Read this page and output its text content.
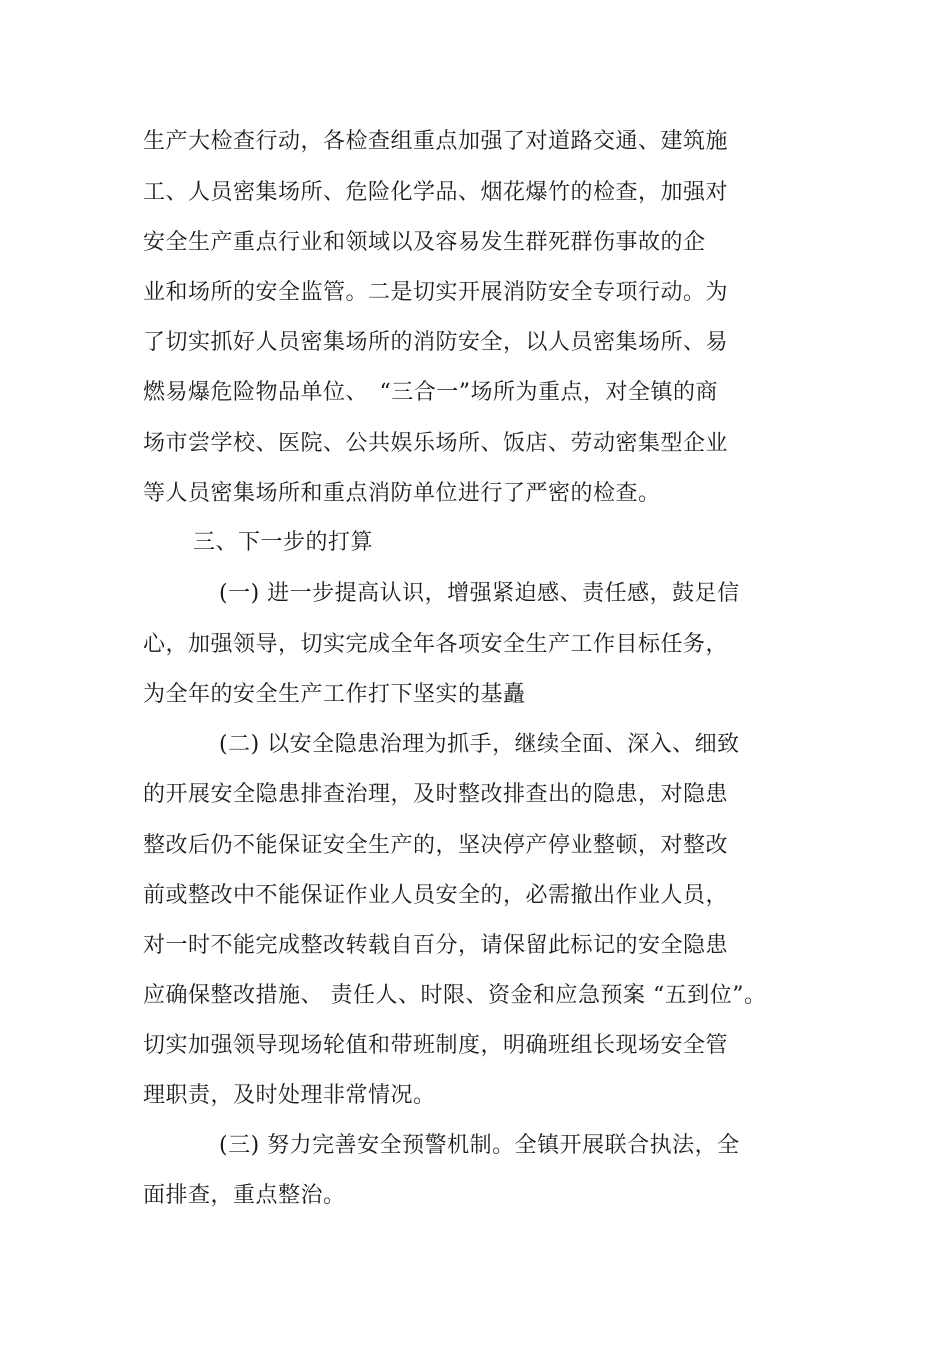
生产大检查行动，各检查组重点加强了对道路交通、建筑施
工、人员密集场所、危险化学品、烟花爆竹的检查，加强对
安全生产重点行业和领域以及容易发生群死群伤事故的企
业和场所的安全监管。二是切实开展消防安全专项行动。为
了切实抓好人员密集场所的消防安全，以人员密集场所、易
燃易爆危险物品单位、　“三合一”场所为重点，对全镇的商
场市尝学校、医院、公共娱乐场所、饭店、劳动密集型企业
等人员密集场所和重点消防单位进行了严密的检查。
三、下一步的打算
(一) 进一步提高认识，增强紧迫感、责任感，鼓足信
心，加强领导，切实完成全年各项安全生产工作目标任务，
为全年的安全生产工作打下坚实的基矗
(二) 以安全隐患治理为抓手，继续全面、深入、细致
的开展安全隐患排查治理，及时整改排查出的隐患，对隐患
整改后仍不能保证安全生产的，坚决停产停业整顿，对整改
前或整改中不能保证作业人员安全的，必需撤出作业人员，
对一时不能完成整改转载自百分，请保留此标记的安全隐患
应确保整改措施、 责任人、时限、资金和应急预案 “五到位”。
切实加强领导现场轮值和带班制度，明确班组长现场安全管
理职责，及时处理非常情况。
(三) 努力完善安全预警机制。全镇开展联合执法，全
面排查，重点整治。
